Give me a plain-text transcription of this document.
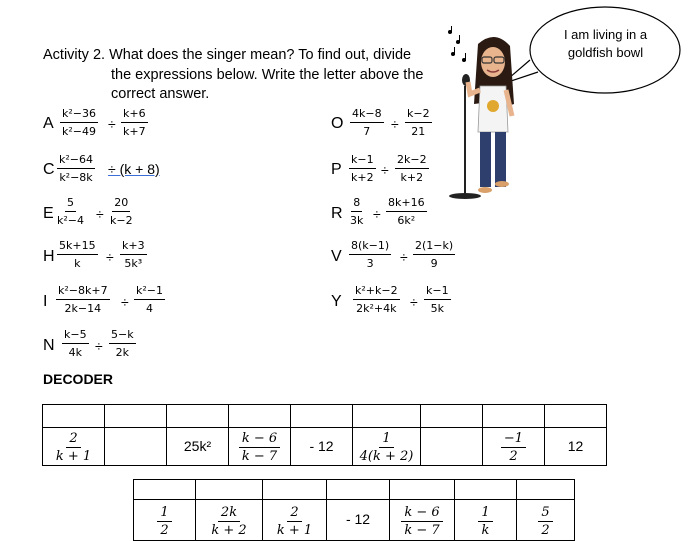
Activity 2. What does the singer mean? To find out, divide

the expressions below. Write the letter above the
correct answer.
I am living in a goldfish bowl
A $\frac{\text{k²−36}}{\text{k²−49}} \div \frac{k+6}{k+7}$	O $\frac{4k-8}{7} \div \frac{k-2}{21}$
C $\frac{\text{k²−64}}{\text{k²−8k}} \div (k + 8)$	P $\frac{k-1}{k+2} \div \frac{2k-2}{k+2}$
E $\frac{5}{\text{k²−4}} \div \frac{20}{k-2}$	R $\frac{8}{3k} \div \frac{8k+16}{\text{6k²}}$
H $\frac{5k+15}{k} \div \frac{k+3}{\text{5k³}}$	V $\frac{8(k-1)}{3} \div \frac{2(1-k)}{9}$
I $\frac{\text{k²−8k+7}}{2k-14} \div \frac{\text{k²−1}}{4}$	Y $\frac{\text{k²+k−2}}{\text{2k²+4k}} \div \frac{k-1}{5k}$
N $\frac{k-5}{4k} \div \frac{5-k}{2k}$
DECODER

$\frac{2}{k + 1}$		25k²	$\frac{k - 6}{k - 7}$	- 12	$\frac{1}{4(k + 2)}$		$\frac{-1}{2}$	12

$\frac{1}{2}$	$\frac{2k}{k + 2}$	$\frac{2}{k + 1}$	- 12	$\frac{k - 6}{k - 7}$	$\frac{1}{k}$	$\frac{5}{2}$
